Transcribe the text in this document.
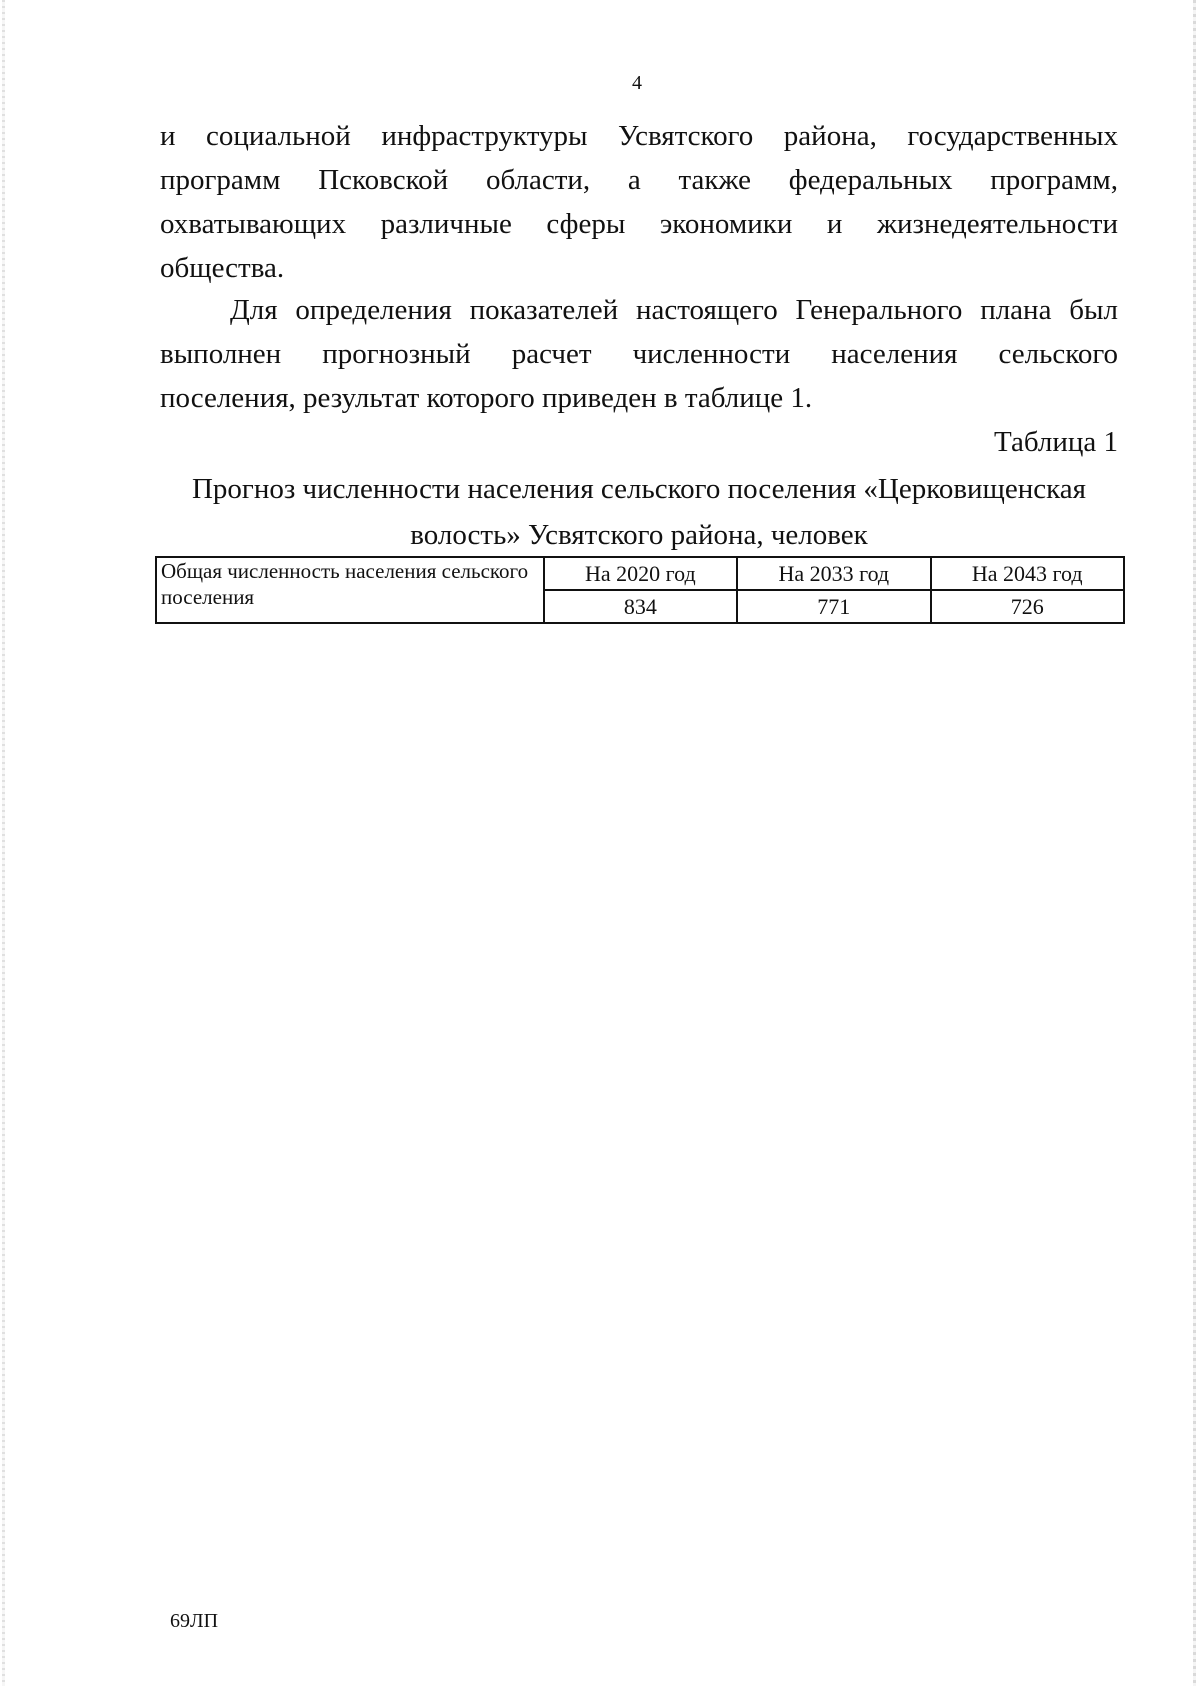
4
и социальной инфраструктуры Усвятского района, государственных
программ Псковской области, а также федеральных программ,
охватывающих различные сферы экономики и жизнедеятельности
общества.
Для определения показателей настоящего Генерального плана был
выполнен прогнозный расчет численности населения сельского
поселения, результат которого приведен в таблице 1.
Таблица 1
Прогноз численности населения сельского поселения «Церковищенская
волость» Усвятского района, человек
Общая численность населения сельского поселения	На 2020 год	На 2033 год	На 2043 год
	834	771	726
69ЛП
